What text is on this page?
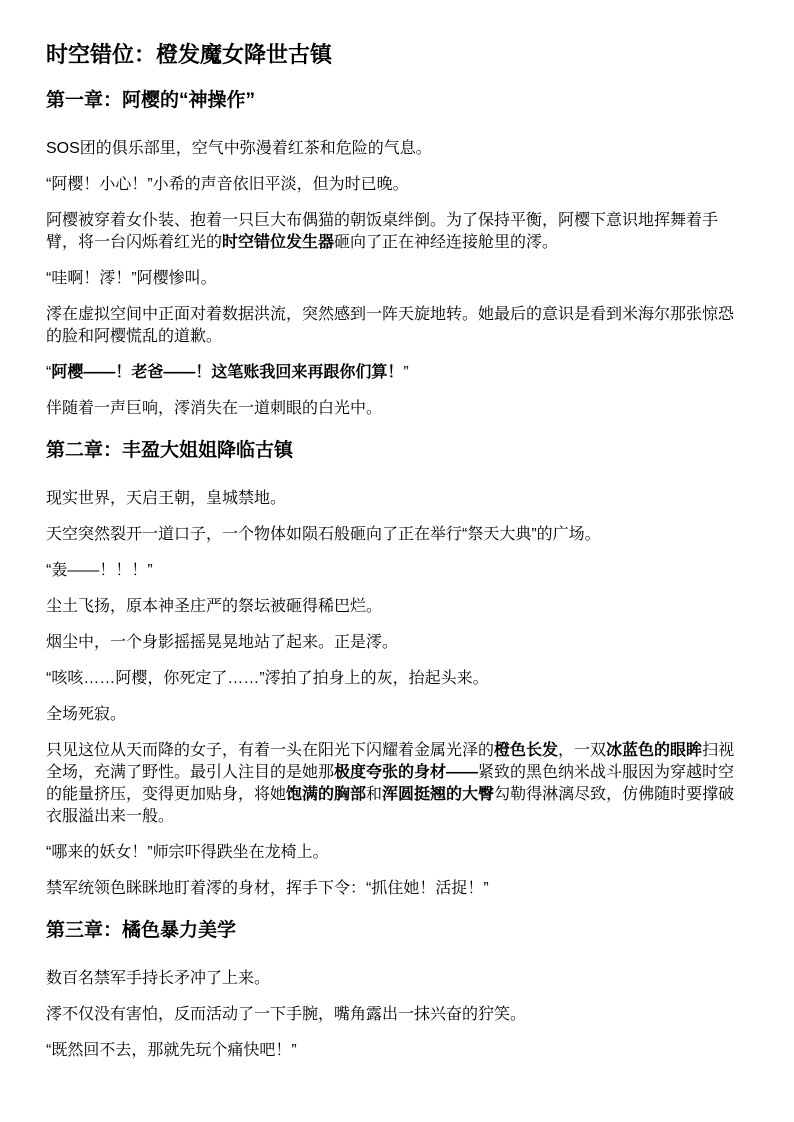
时空错位：橙发魔女降世古镇
第一章：阿樱的“神操作”

SOS团的俱乐部里，空气中弥漫着红茶和危险的气息。

“阿樱！小心！”小希的声音依旧平淡，但为时已晚。

阿樱被穿着女仆装、抱着一只巨大布偶猫的朝饭桌绊倒。为了保持平衡，阿樱下意识地挥舞着手臂，将一台闪烁着红光的时空错位发生器砸向了正在神经连接舱里的澪。

“哇啊！澪！”阿樱惨叫。

澪在虚拟空间中正面对着数据洪流，突然感到一阵天旋地转。她最后的意识是看到米海尔那张惊恐的脸和阿樱慌乱的道歉。

“阿樱——！老爸——！这笔账我回来再跟你们算！”

伴随着一声巨响，澪消失在一道刺眼的白光中。

第二章：丰盈大姐姐降临古镇

现实世界，天启王朝，皇城禁地。

天空突然裂开一道口子，一个物体如陨石般砸向了正在举行“祭天大典”的广场。

“轰——！！！”

尘土飞扬，原本神圣庄严的祭坛被砸得稀巴烂。

烟尘中，一个身影摇摇晃晃地站了起来。正是澪。

“咳咳……阿樱，你死定了……”澪拍了拍身上的灰，抬起头来。

全场死寂。

只见这位从天而降的女子，有着一头在阳光下闪耀着金属光泽的橙色长发，一双冰蓝色的眼眸扫视全场，充满了野性。最引人注目的是她那极度夸张的身材——紧致的黑色纳米战斗服因为穿越时空的能量挤压，变得更加贴身，将她饱满的胸部和浑圆挺翘的大臀勾勒得淋漓尽致，仿佛随时要撑破衣服溢出来一般。

“哪来的妖女！”师宗吓得跌坐在龙椅上。

禁军统领色眯眯地盯着澪的身材，挥手下令：“抓住她！活捉！”

第三章：橘色暴力美学

数百名禁军手持长矛冲了上来。

澪不仅没有害怕，反而活动了一下手腕，嘴角露出一抹兴奋的狞笑。

“既然回不去，那就先玩个痛快吧！”
